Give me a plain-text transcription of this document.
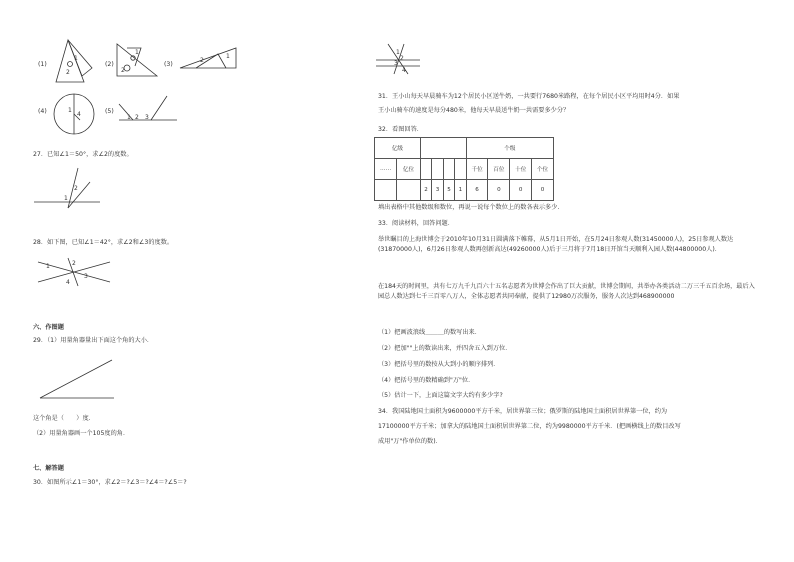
(1)
1
2
(2)
1
2
(3)
2
1
(4)	1
4	(5)
1 2 3
27．已知∠1＝50°，求∠2的度数。
2
1
28．如下图，已知∠1＝42°，求∠2和∠3的度数。
1	2
3
4
六、作图题
29．（1）用量角器量出下面这个角的大小．
这个角是（　　）度．
（2）用量角器画一个105度的角．
七、解答题
30．如图所示∠1＝30°，求∠2＝?∠3＝?∠4＝?∠5＝?
1
2
3
4
31．王小山每天早晨骑车为12个居民小区送牛奶，一共要行7680米路程，在每个居民小区平均用时4分．如果
王小山骑车的速度是每分480米，他每天早晨送牛奶一共需要多少分？
32．看图回答．
亿级						个级			
……	亿位					千位	百位	十位	个位
		2	3	5	1	6	0	0	0
填出表格中其他数级和数位，再说一说每个数位上的数各表示多少.
33．阅读材料，回答问题．
举世瞩目的上海世博会于2010年10月31日圆满落下帷幕，从5月1日开始，在5月24日参观人数(31450000人)，25日参观人数达(31870000人)，6月26日参观人数再创新高达(49260000人)后于三月将于7月18日开馆当天顺利入园人数(44800000人)．
在184天的时间里，共有七万九千九百六十五名志愿者为世博会作出了巨大贡献，世博会期间，共举办各类活动二万三千五百余场，最后入园总人数达到七千三百零八万人，全体志愿者共同奉献，提供了12980万次服务，服务人次达到468900000
（1）把画波浪线＿＿＿的数写出来．
（2）把加""上的数读出来，并四舍五入到万位．
（3）把括号里的数按从大到小的顺序排列．
（4）把括号里的数精确到"万"位．
（5）估计一下，上面这篇文字大约有多少字?
34．我国陆地国土面积为9600000平方千米，居世界第三位；俄罗斯的陆地国土面积居世界第一位，约为
17100000平方千米；加拿大的陆地国土面积居世界第二位，约为9980000平方千米．(把画横线上的数目改写
成用"万"作单位的数)．
